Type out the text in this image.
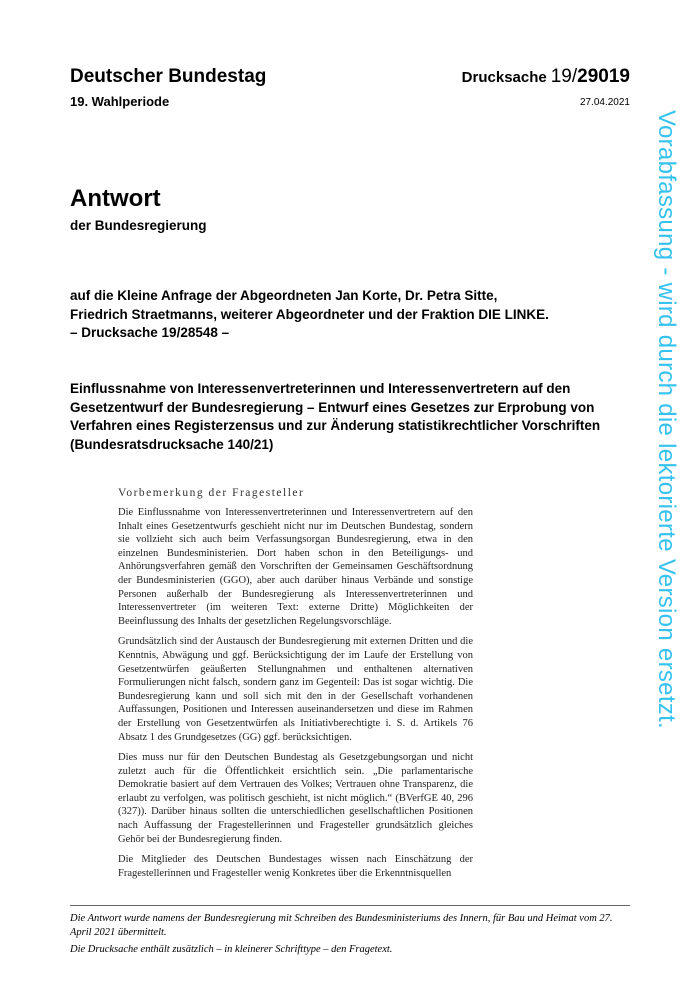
Deutscher Bundestag
19. Wahlperiode
Drucksache 19/29019
27.04.2021
Vorabfassung - wird durch die lektorierte Version ersetzt.
Antwort
der Bundesregierung
auf die Kleine Anfrage der Abgeordneten Jan Korte, Dr. Petra Sitte,
Friedrich Straetmanns, weiterer Abgeordneter und der Fraktion DIE LINKE.
– Drucksache 19/28548 –
Einflussnahme von Interessenvertreterinnen und Interessenvertretern auf den Gesetzentwurf der Bundesregierung – Entwurf eines Gesetzes zur Erprobung von Verfahren eines Registerzensus und zur Änderung statistikrechtlicher Vorschriften (Bundesratsdrucksache 140/21)
Vorbemerkung der Fragesteller

Die Einflussnahme von Interessenvertreterinnen und Interessenvertretern auf den Inhalt eines Gesetzentwurfs geschieht nicht nur im Deutschen Bundestag, sondern sie vollzieht sich auch beim Verfassungsorgan Bundesregierung, etwa in den einzelnen Bundesministerien. Dort haben schon in den Beteiligungs- und Anhörungsverfahren gemäß den Vorschriften der Gemeinsamen Geschäftsordnung der Bundesministerien (GGO), aber auch darüber hinaus Verbände und sonstige Personen außerhalb der Bundesregierung als Interessenvertreterinnen und Interessenvertreter (im weiteren Text: externe Dritte) Möglichkeiten der Beeinflussung des Inhalts der gesetzlichen Regelungsvorschläge.

Grundsätzlich sind der Austausch der Bundesregierung mit externen Dritten und die Kenntnis, Abwägung und ggf. Berücksichtigung der im Laufe der Erstellung von Gesetzentwürfen geäußerten Stellungnahmen und enthaltenen alternativen Formulierungen nicht falsch, sondern ganz im Gegenteil: Das ist sogar wichtig. Die Bundesregierung kann und soll sich mit den in der Gesellschaft vorhandenen Auffassungen, Positionen und Interessen auseinandersetzen und diese im Rahmen der Erstellung von Gesetzentwürfen als Initiativberechtigte i. S. d. Artikels 76 Absatz 1 des Grundgesetzes (GG) ggf. berücksichtigen.

Dies muss nur für den Deutschen Bundestag als Gesetzgebungsorgan und nicht zuletzt auch für die Öffentlichkeit ersichtlich sein. „Die parlamentarische Demokratie basiert auf dem Vertrauen des Volkes; Vertrauen ohne Transparenz, die erlaubt zu verfolgen, was politisch geschieht, ist nicht möglich.“ (BVerfGE 40, 296 (327)). Darüber hinaus sollten die unterschiedlichen gesellschaftlichen Positionen nach Auffassung der Fragestellerinnen und Fragesteller grundsätzlich gleiches Gehör bei der Bundesregierung finden.

Die Mitglieder des Deutschen Bundestages wissen nach Einschätzung der Fragestellerinnen und Fragesteller wenig Konkretes über die Erkenntnisquellen

Die Antwort wurde namens der Bundesregierung mit Schreiben des Bundesministeriums des Innern, für Bau und Heimat vom 27. April 2021 übermittelt.

Die Drucksache enthält zusätzlich – in kleinerer Schrifttype – den Fragetext.
